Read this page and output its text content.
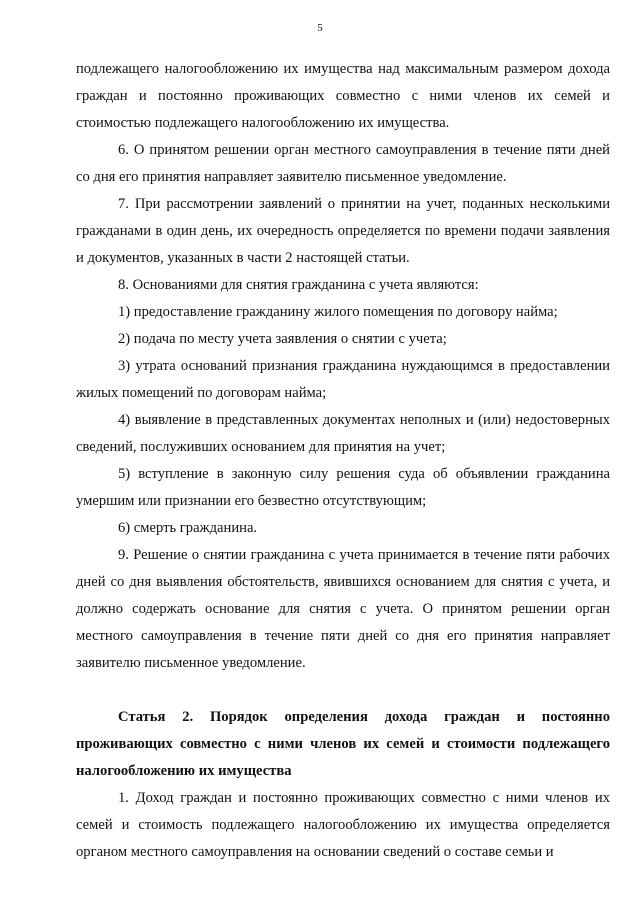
5

подлежащего налогообложению их имущества над максимальным размером дохода граждан и постоянно проживающих совместно с ними членов их семей и стоимостью подлежащего налогообложению их имущества.

6. О принятом решении орган местного самоуправления в течение пяти дней со дня его принятия направляет заявителю письменное уведомление.

7. При рассмотрении заявлений о принятии на учет, поданных несколькими гражданами в один день, их очередность определяется по времени подачи заявления и документов, указанных в части 2 настоящей статьи.

8. Основаниями для снятия гражданина с учета являются:

1) предоставление гражданину жилого помещения по договору найма;

2) подача по месту учета заявления о снятии с учета;

3) утрата оснований признания гражданина нуждающимся в предоставлении жилых помещений по договорам найма;

4) выявление в представленных документах неполных и (или) недостоверных сведений, послуживших основанием для принятия на учет;

5) вступление в законную силу решения суда об объявлении гражданина умершим или признании его безвестно отсутствующим;

6) смерть гражданина.

9. Решение о снятии гражданина с учета принимается в течение пяти рабочих дней со дня выявления обстоятельств, явившихся основанием для снятия с учета, и должно содержать основание для снятия с учета. О принятом решении орган местного самоуправления в течение пяти дней со дня его принятия направляет заявителю письменное уведомление.

Статья 2. Порядок определения дохода граждан и постоянно проживающих совместно с ними членов их семей и стоимости подлежащего налогообложению их имущества

1. Доход граждан и постоянно проживающих совместно с ними членов их семей и стоимость подлежащего налогообложению их имущества определяется органом местного самоуправления на основании сведений о составе семьи и
